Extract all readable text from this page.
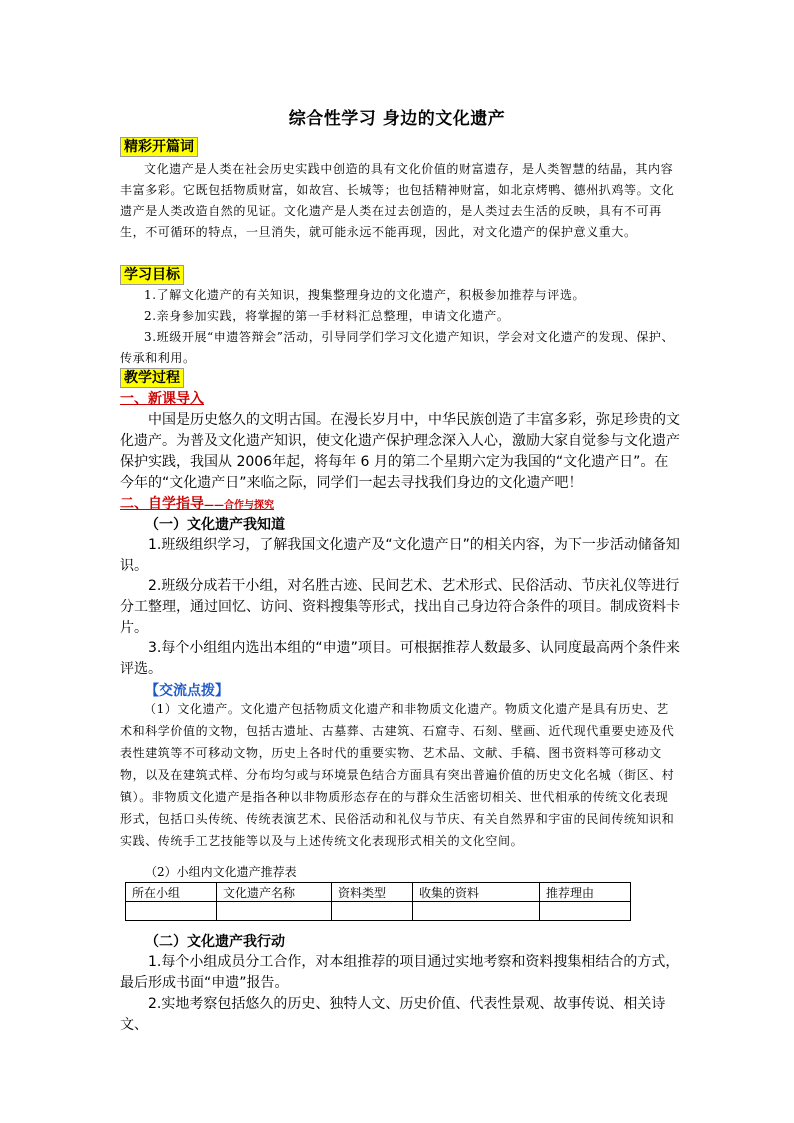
综合性学习 身边的文化遗产
精彩开篇词
文化遗产是人类在社会历史实践中创造的具有文化价值的财富遗存，是人类智慧的结晶，其内容丰富多彩。它既包括物质财富，如故宫、长城等；也包括精神财富，如北京烤鸭、德州扒鸡等。文化遗产是人类改造自然的见证。文化遗产是人类在过去创造的，是人类过去生活的反映，具有不可再生，不可循环的特点，一旦消失，就可能永远不能再现，因此，对文化遗产的保护意义重大。
学习目标
1.了解文化遗产的有关知识，搜集整理身边的文化遗产，积极参加推荐与评选。
2.亲身参加实践，将掌握的第一手材料汇总整理，申请文化遗产。
3.班级开展“申遗答辩会”活动，引导同学们学习文化遗产知识，学会对文化遗产的发现、保护、传承和利用。
教学过程
一、新课导入
中国是历史悠久的文明古国。在漫长岁月中，中华民族创造了丰富多彩，弥足珍贵的文化遗产。为普及文化遗产知识，使文化遗产保护理念深入人心，激励大家自觉参与文化遗产保护实践，我国从 2006年起，将每年 6 月的第二个星期六定为我国的“文化遗产日”。在今年的“文化遗产日”来临之际，同学们一起去寻找我们身边的文化遗产吧！
二、自学指导——合作与探究
（一）文化遗产我知道
1.班级组织学习，了解我国文化遗产及“文化遗产日”的相关内容，为下一步活动储备知识。
2.班级分成若干小组，对名胜古迹、民间艺术、艺术形式、民俗活动、节庆礼仪等进行分工整理，通过回忆、访问、资料搜集等形式，找出自己身边符合条件的项目。制成资料卡片。
3.每个小组组内选出本组的“申遗”项目。可根据推荐人数最多、认同度最高两个条件来评选。
【交流点拨】
（1）文化遗产。文化遗产包括物质文化遗产和非物质文化遗产。物质文化遗产是具有历史、艺术和科学价值的文物，包括古遗址、古墓葬、古建筑、石窟寺、石刻、壁画、近代现代重要史迹及代表性建筑等不可移动文物，历史上各时代的重要实物、艺术品、文献、手稿、图书资料等可移动文物，以及在建筑式样、分布均匀或与环境景色结合方面具有突出普遍价值的历史文化名城（街区、村镇）。非物质文化遗产是指各种以非物质形态存在的与群众生活密切相关、世代相承的传统文化表现形式，包括口头传统、传统表演艺术、民俗活动和礼仪与节庆、有关自然界和宇宙的民间传统知识和实践、传统手工艺技能等以及与上述传统文化表现形式相关的文化空间。
（2）小组内文化遗产推荐表
所在小组	文化遗产名称	资料类型	收集的资料	推荐理由

（二）文化遗产我行动
1.每个小组成员分工合作，对本组推荐的项目通过实地考察和资料搜集相结合的方式，最后形成书面“申遗”报告。
2.实地考察包括悠久的历史、独特人文、历史价值、代表性景观、故事传说、相关诗文、
